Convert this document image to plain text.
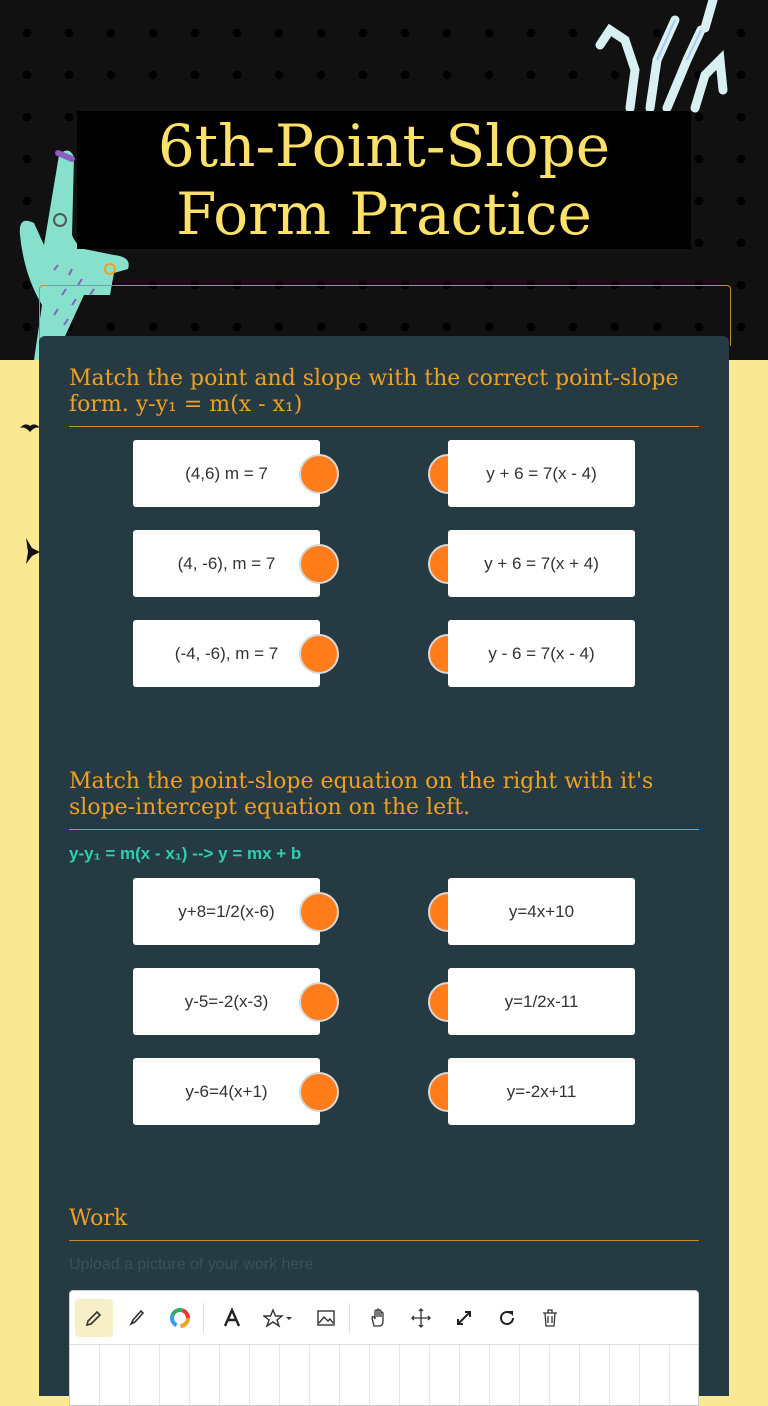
6th-Point-Slope Form Practice
Match the point and slope with the correct point-slope form. y-y₁ = m(x - x₁)
(4,6) m = 7	y + 6 = 7(x - 4)
(4, -6), m = 7	y + 6 = 7(x + 4)
(-4, -6), m = 7	y - 6 = 7(x - 4)
Match the point-slope equation on the right with it's slope-intercept equation on the left.
y-y₁ = m(x - x₁) --> y = mx + b
y+8=1/2(x-6)	y=4x+10
y-5=-2(x-3)	y=1/2x-11
y-6=4(x+1)	y=-2x+11
Work
Upload a picture of your work here
